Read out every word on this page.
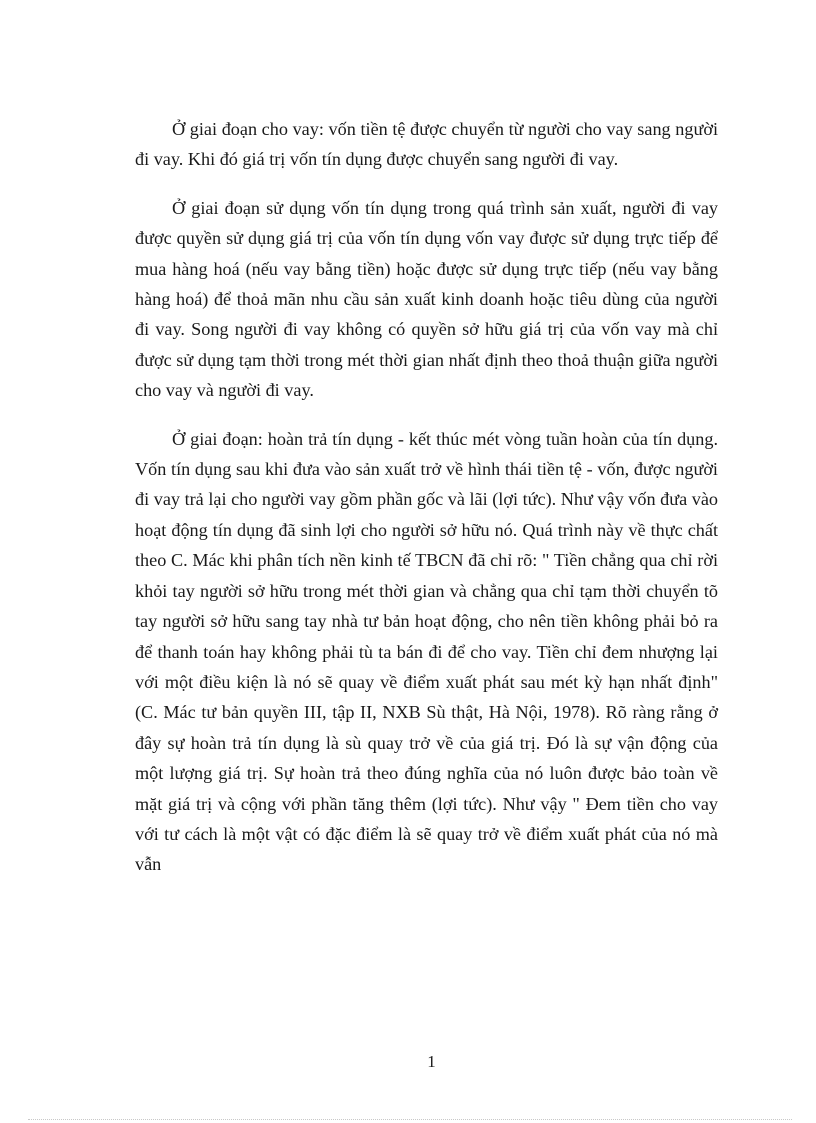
Ở giai đoạn cho vay: vốn tiền tệ được chuyển từ người cho vay sang người đi vay. Khi đó giá trị vốn tín dụng được chuyển sang người đi vay.

Ở giai đoạn sử dụng vốn tín dụng trong quá trình sản xuất, người đi vay được quyền sử dụng giá trị của vốn tín dụng vốn vay được sử dụng trực tiếp để mua hàng hoá (nếu vay bằng tiền) hoặc được sử dụng trực tiếp (nếu vay bằng hàng hoá) để thoả mãn nhu cầu sản xuất kinh doanh hoặc tiêu dùng của người đi vay. Song người đi vay không có quyền sở hữu giá trị của vốn vay mà chỉ được sử dụng tạm thời trong mét thời gian nhất định theo thoả thuận giữa người cho vay và người đi vay.

Ở giai đoạn: hoàn trả tín dụng - kết thúc mét vòng tuần hoàn của tín dụng. Vốn tín dụng sau khi đưa vào sản xuất trở về hình thái tiền tệ - vốn, được người đi vay trả lại cho người vay gồm phần gốc và lãi (lợi tức). Như vậy vốn đưa vào hoạt động tín dụng đã sinh lợi cho người sở hữu nó. Quá trình này về thực chất theo C. Mác khi phân tích nền kinh tế TBCN đã chỉ rõ: " Tiền chẳng qua chỉ rời khỏi tay người sở hữu trong mét thời gian và chẳng qua chỉ tạm thời chuyển tõ tay người sở hữu sang tay nhà tư bản hoạt động, cho nên tiền không phải bỏ ra để thanh toán hay không phải tù ta bán đi để cho vay. Tiền chỉ đem nhượng lại với một điều kiện là nó sẽ quay về điểm xuất phát sau mét kỳ hạn nhất định" (C. Mác tư bản quyền III, tập II, NXB Sù thật, Hà Nội, 1978). Rõ ràng rằng ở đây sự hoàn trả tín dụng là sù quay trở về của giá trị. Đó là sự vận động của một lượng giá trị. Sự hoàn trả theo đúng nghĩa của nó luôn được bảo toàn về mặt giá trị và cộng với phần tăng thêm (lợi tức). Như vậy " Đem tiền cho vay với tư cách là một vật có đặc điểm là sẽ quay trở về điểm xuất phát của nó mà vẫn

1
